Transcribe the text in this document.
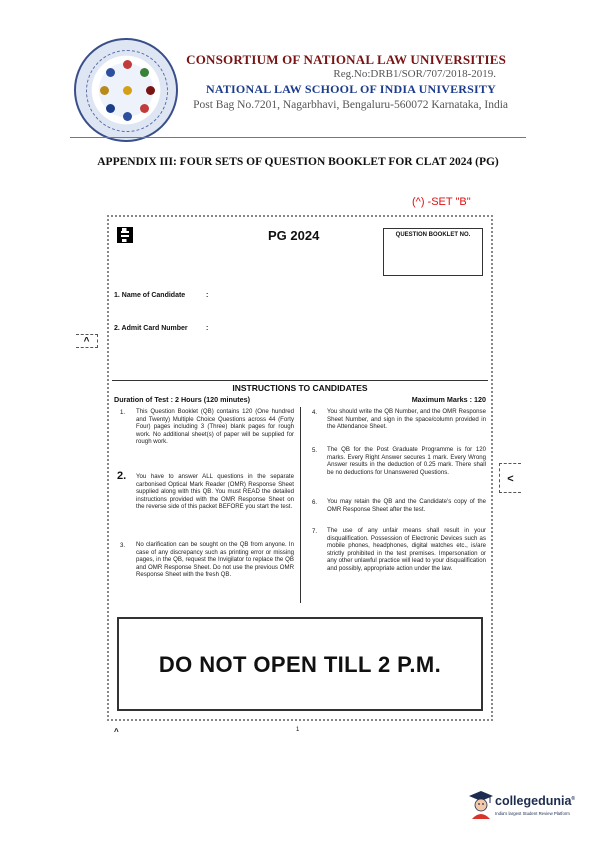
CONSORTIUM OF NATIONAL LAW UNIVERSITIES
Reg.No:DRB1/SOR/707/2018-2019.
NATIONAL LAW SCHOOL OF INDIA UNIVERSITY
Post Bag No.7201, Nagarbhavi, Bengaluru-560072 Karnataka, India
APPENDIX III: FOUR SETS OF QUESTION BOOKLET FOR CLAT 2024 (PG)
(^) -SET "B"
PG 2024	QUESTION BOOKLET NO.
1. Name of Candidate	:
2. Admit Card Number	:
^
<
INSTRUCTIONS TO CANDIDATES
Duration of Test : 2 Hours (120 minutes)	Maximum Marks : 120
1. This Question Booklet (QB) contains 120 (One hundred and Twenty) Multiple Choice Questions across 44 (Forty Four) pages including 3 (Three) blank pages for rough work. No additional sheet(s) of paper will be supplied for rough work.
2. You have to answer ALL questions in the separate carbonised Optical Mark Reader (OMR) Response Sheet supplied along with this QB. You must READ the detailed instructions provided with the OMR Response Sheet on the reverse side of this packet BEFORE you start the test.
3. No clarification can be sought on the QB from anyone. In case of any discrepancy such as printing error or missing pages, in the QB, request the Invigilator to replace the QB and OMR Response Sheet. Do not use the previous OMR Response Sheet with the fresh QB.
4. You should write the QB Number, and the OMR Response Sheet Number, and sign in the space/column provided in the Attendance Sheet.
5. The QB for the Post Graduate Programme is for 120 marks. Every Right Answer secures 1 mark. Every Wrong Answer results in the deduction of 0.25 mark. There shall be no deductions for Unanswered Questions.
6. You may retain the QB and the Candidate's copy of the OMR Response Sheet after the test.
7. The use of any unfair means shall result in your disqualification. Possession of Electronic Devices such as mobile phones, headphones, digital watches etc., is/are strictly prohibited in the test premises. Impersonation or any other unlawful practice will lead to your disqualification and possibly, appropriate action under the law.
DO NOT OPEN TILL 2 P.M.
^	1
collegedunia®
India's largest Student Review Platform
